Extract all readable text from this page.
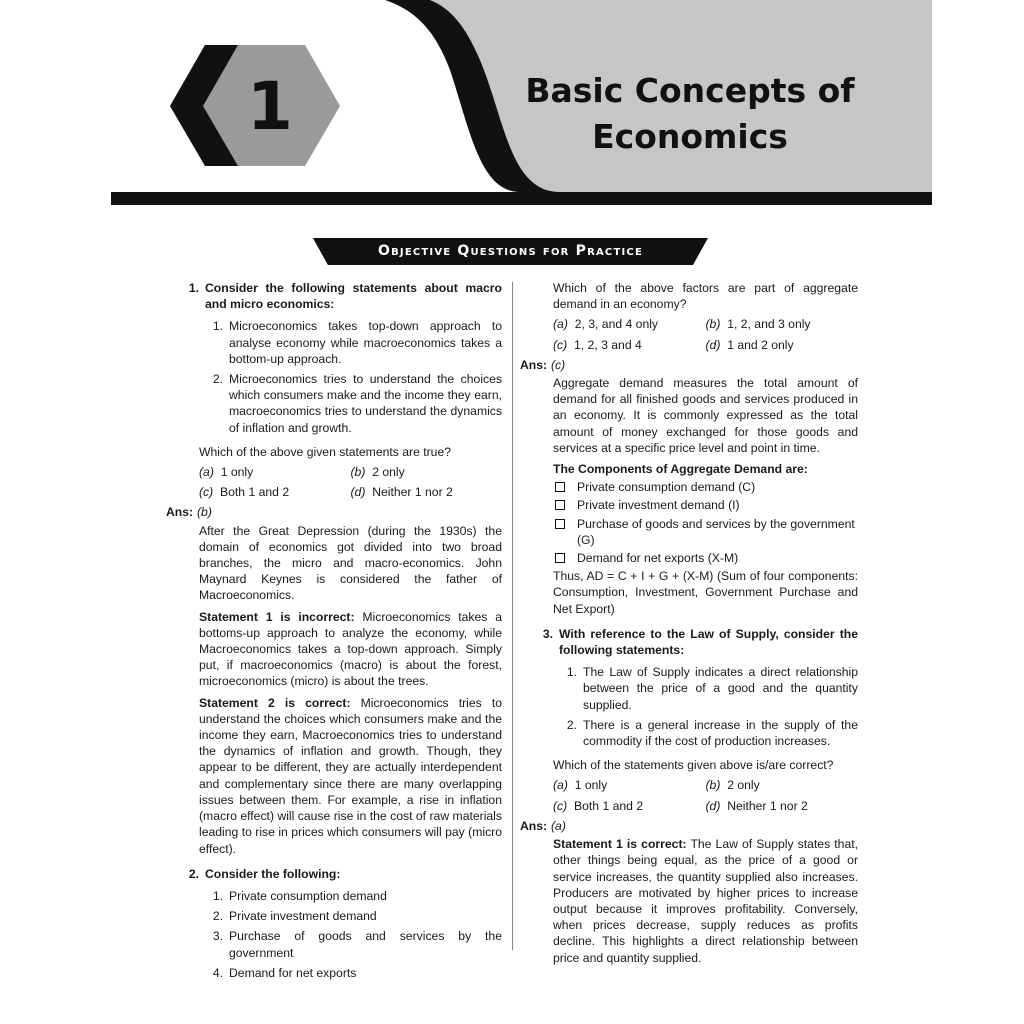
1	Basic Concepts of
Economics
Objective Questions for Practice
1. Consider the following statements about macro and micro economics:
1. Microeconomics takes top-down approach to analyse economy while macroeconomics takes a bottom-up approach.
2. Microeconomics tries to understand the choices which consumers make and the income they earn, macroeconomics tries to understand the dynamics of inflation and growth.
Which of the above given statements are true?
(a) 1 only	(b) 2 only
(c) Both 1 and 2	(d) Neither 1 nor 2
Ans: (b)
After the Great Depression (during the 1930s) the domain of economics got divided into two broad branches, the micro and macro-economics. John Maynard Keynes is considered the father of Macroeconomics.
Statement 1 is incorrect: Microeconomics takes a bottoms-up approach to analyze the economy, while Macroeconomics takes a top-down approach. Simply put, if macroeconomics (macro) is about the forest, microeconomics (micro) is about the trees.
Statement 2 is correct: Microeconomics tries to understand the choices which consumers make and the income they earn, Macroeconomics tries to understand the dynamics of inflation and growth. Though, they appear to be different, they are actually interdependent and complementary since there are many overlapping issues between them. For example, a rise in inflation (macro effect) will cause rise in the cost of raw materials leading to rise in prices which consumers will pay (micro effect).
2. Consider the following:
1. Private consumption demand
2. Private investment demand
3. Purchase of goods and services by the government
4. Demand for net exports
Which of the above factors are part of aggregate demand in an economy?
(a) 2, 3, and 4 only	(b) 1, 2, and 3 only
(c) 1, 2, 3 and 4	(d) 1 and 2 only
Ans: (c)
Aggregate demand measures the total amount of demand for all finished goods and services produced in an economy. It is commonly expressed as the total amount of money exchanged for those goods and services at a specific price level and point in time.
The Components of Aggregate Demand are:
Private consumption demand (C)
Private investment demand (I)
Purchase of goods and services by the government (G)
Demand for net exports (X-M)
Thus, AD = C + I + G + (X-M) (Sum of four components: Consumption, Investment, Government Purchase and Net Export)
3. With reference to the Law of Supply, consider the following statements:
1. The Law of Supply indicates a direct relationship between the price of a good and the quantity supplied.
2. There is a general increase in the supply of the commodity if the cost of production increases.
Which of the statements given above is/are correct?
(a) 1 only	(b) 2 only
(c) Both 1 and 2	(d) Neither 1 nor 2
Ans: (a)
Statement 1 is correct: The Law of Supply states that, other things being equal, as the price of a good or service increases, the quantity supplied also increases. Producers are motivated by higher prices to increase output because it improves profitability. Conversely, when prices decrease, supply reduces as profits decline. This highlights a direct relationship between price and quantity supplied.
